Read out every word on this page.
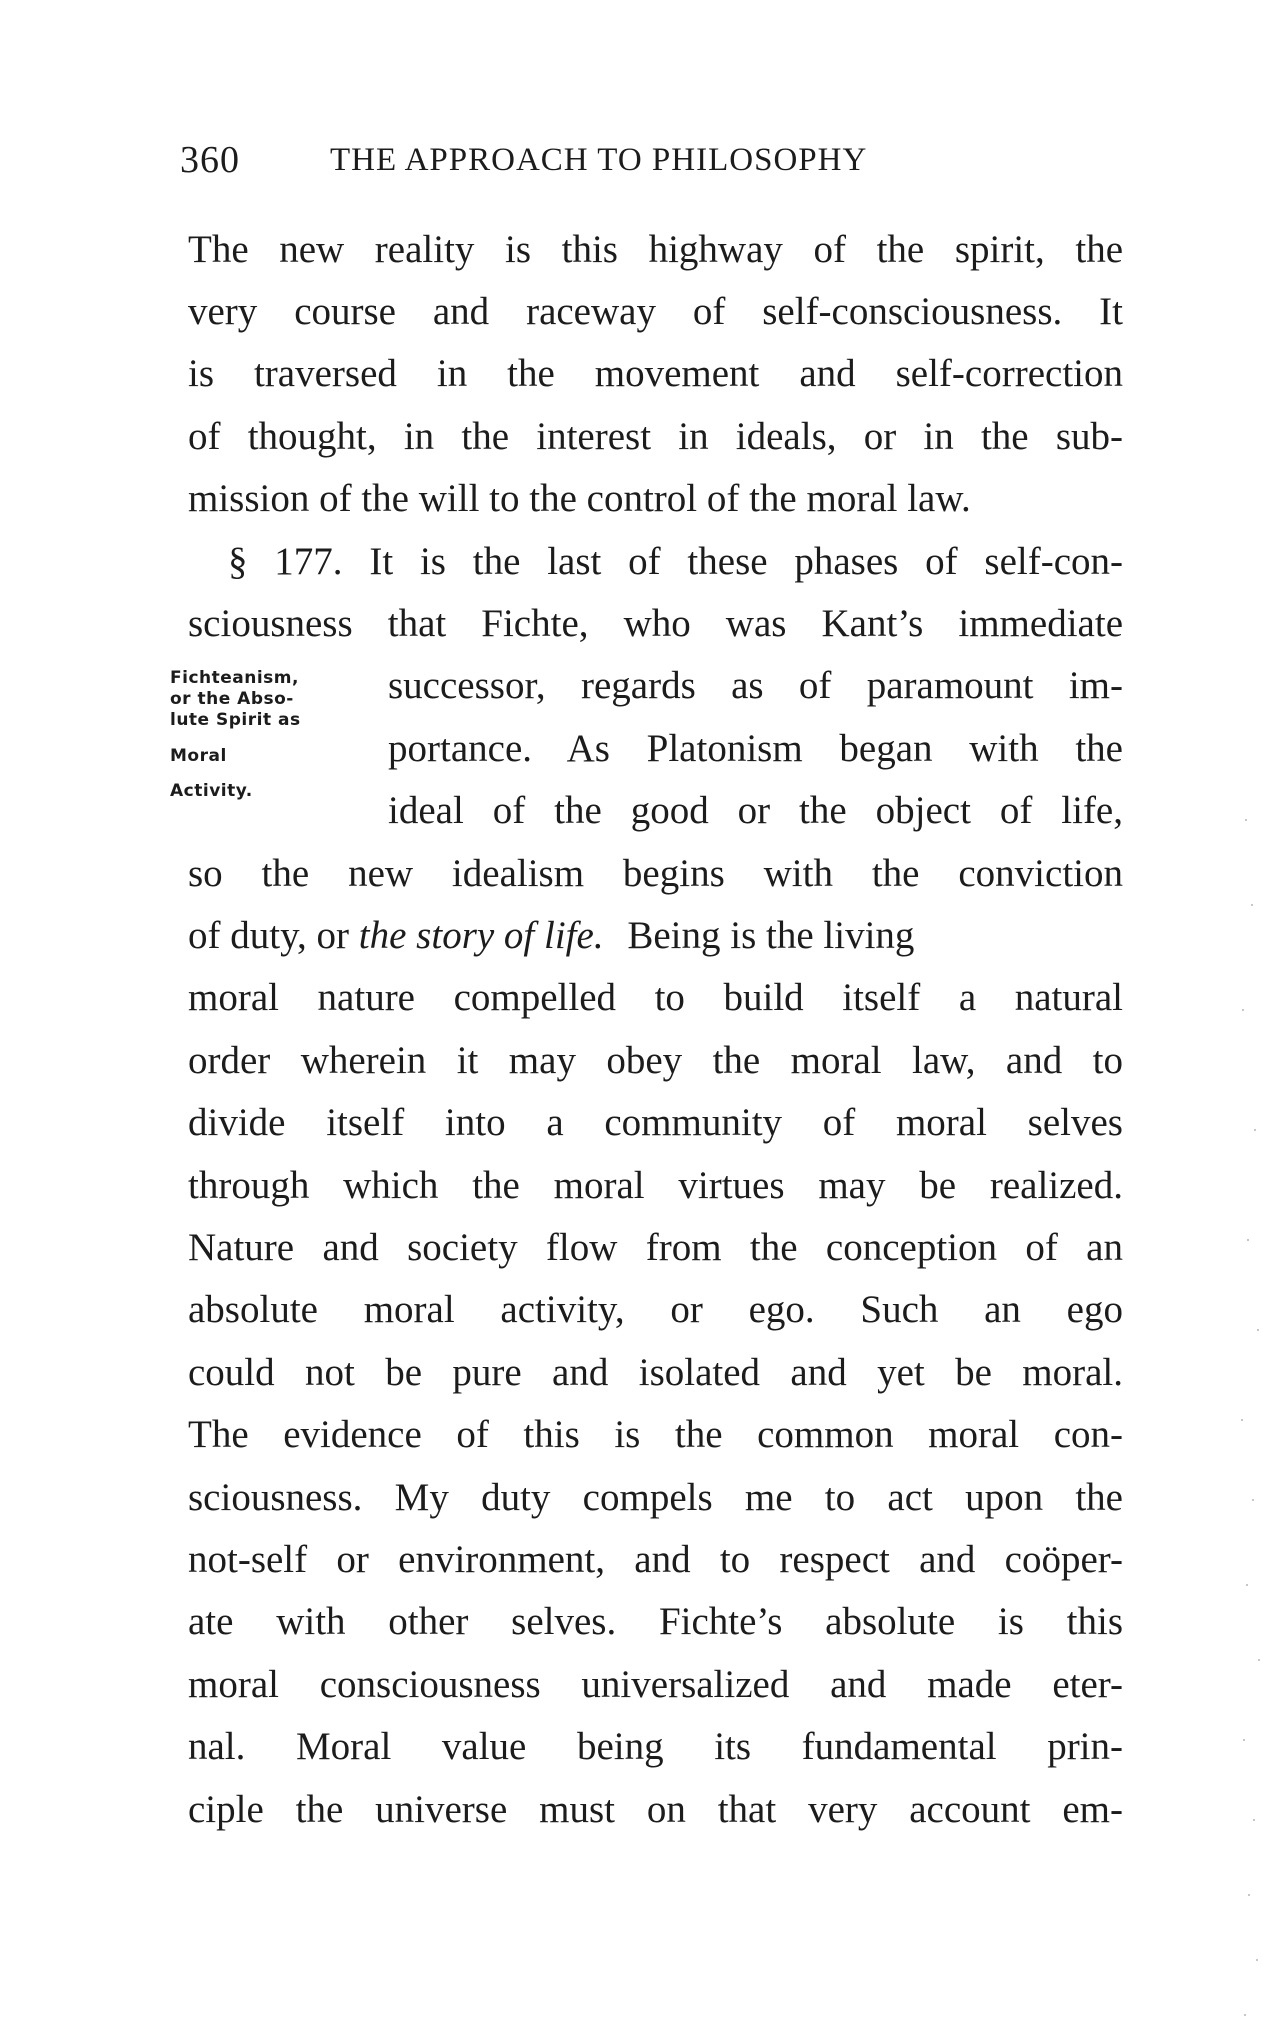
360	THE APPROACH TO PHILOSOPHY
Fichteanism,
or the Abso-
lute Spirit as
Moral
Activity.
The new reality is this highway of the spirit, the
very course and raceway of self-consciousness. It
is traversed in the movement and self-correction
of thought, in the interest in ideals, or in the sub-
mission of the will to the control of the moral law.
§ 177. It is the last of these phases of self-con-
sciousness that Fichte, who was Kant’s immediate
successor, regards as of paramount im-
portance. As Platonism began with the
ideal of the good or the object of life,
so the new idealism begins with the conviction
of duty, or the story of life. Being is the living
moral nature compelled to build itself a natural
order wherein it may obey the moral law, and to
divide itself into a community of moral selves
through which the moral virtues may be realized.
Nature and society flow from the conception of an
absolute moral activity, or ego. Such an ego
could not be pure and isolated and yet be moral.
The evidence of this is the common moral con-
sciousness. My duty compels me to act upon the
not-self or environment, and to respect and coöper-
ate with other selves. Fichte’s absolute is this
moral consciousness universalized and made eter-
nal. Moral value being its fundamental prin-
ciple the universe must on that very account em-
